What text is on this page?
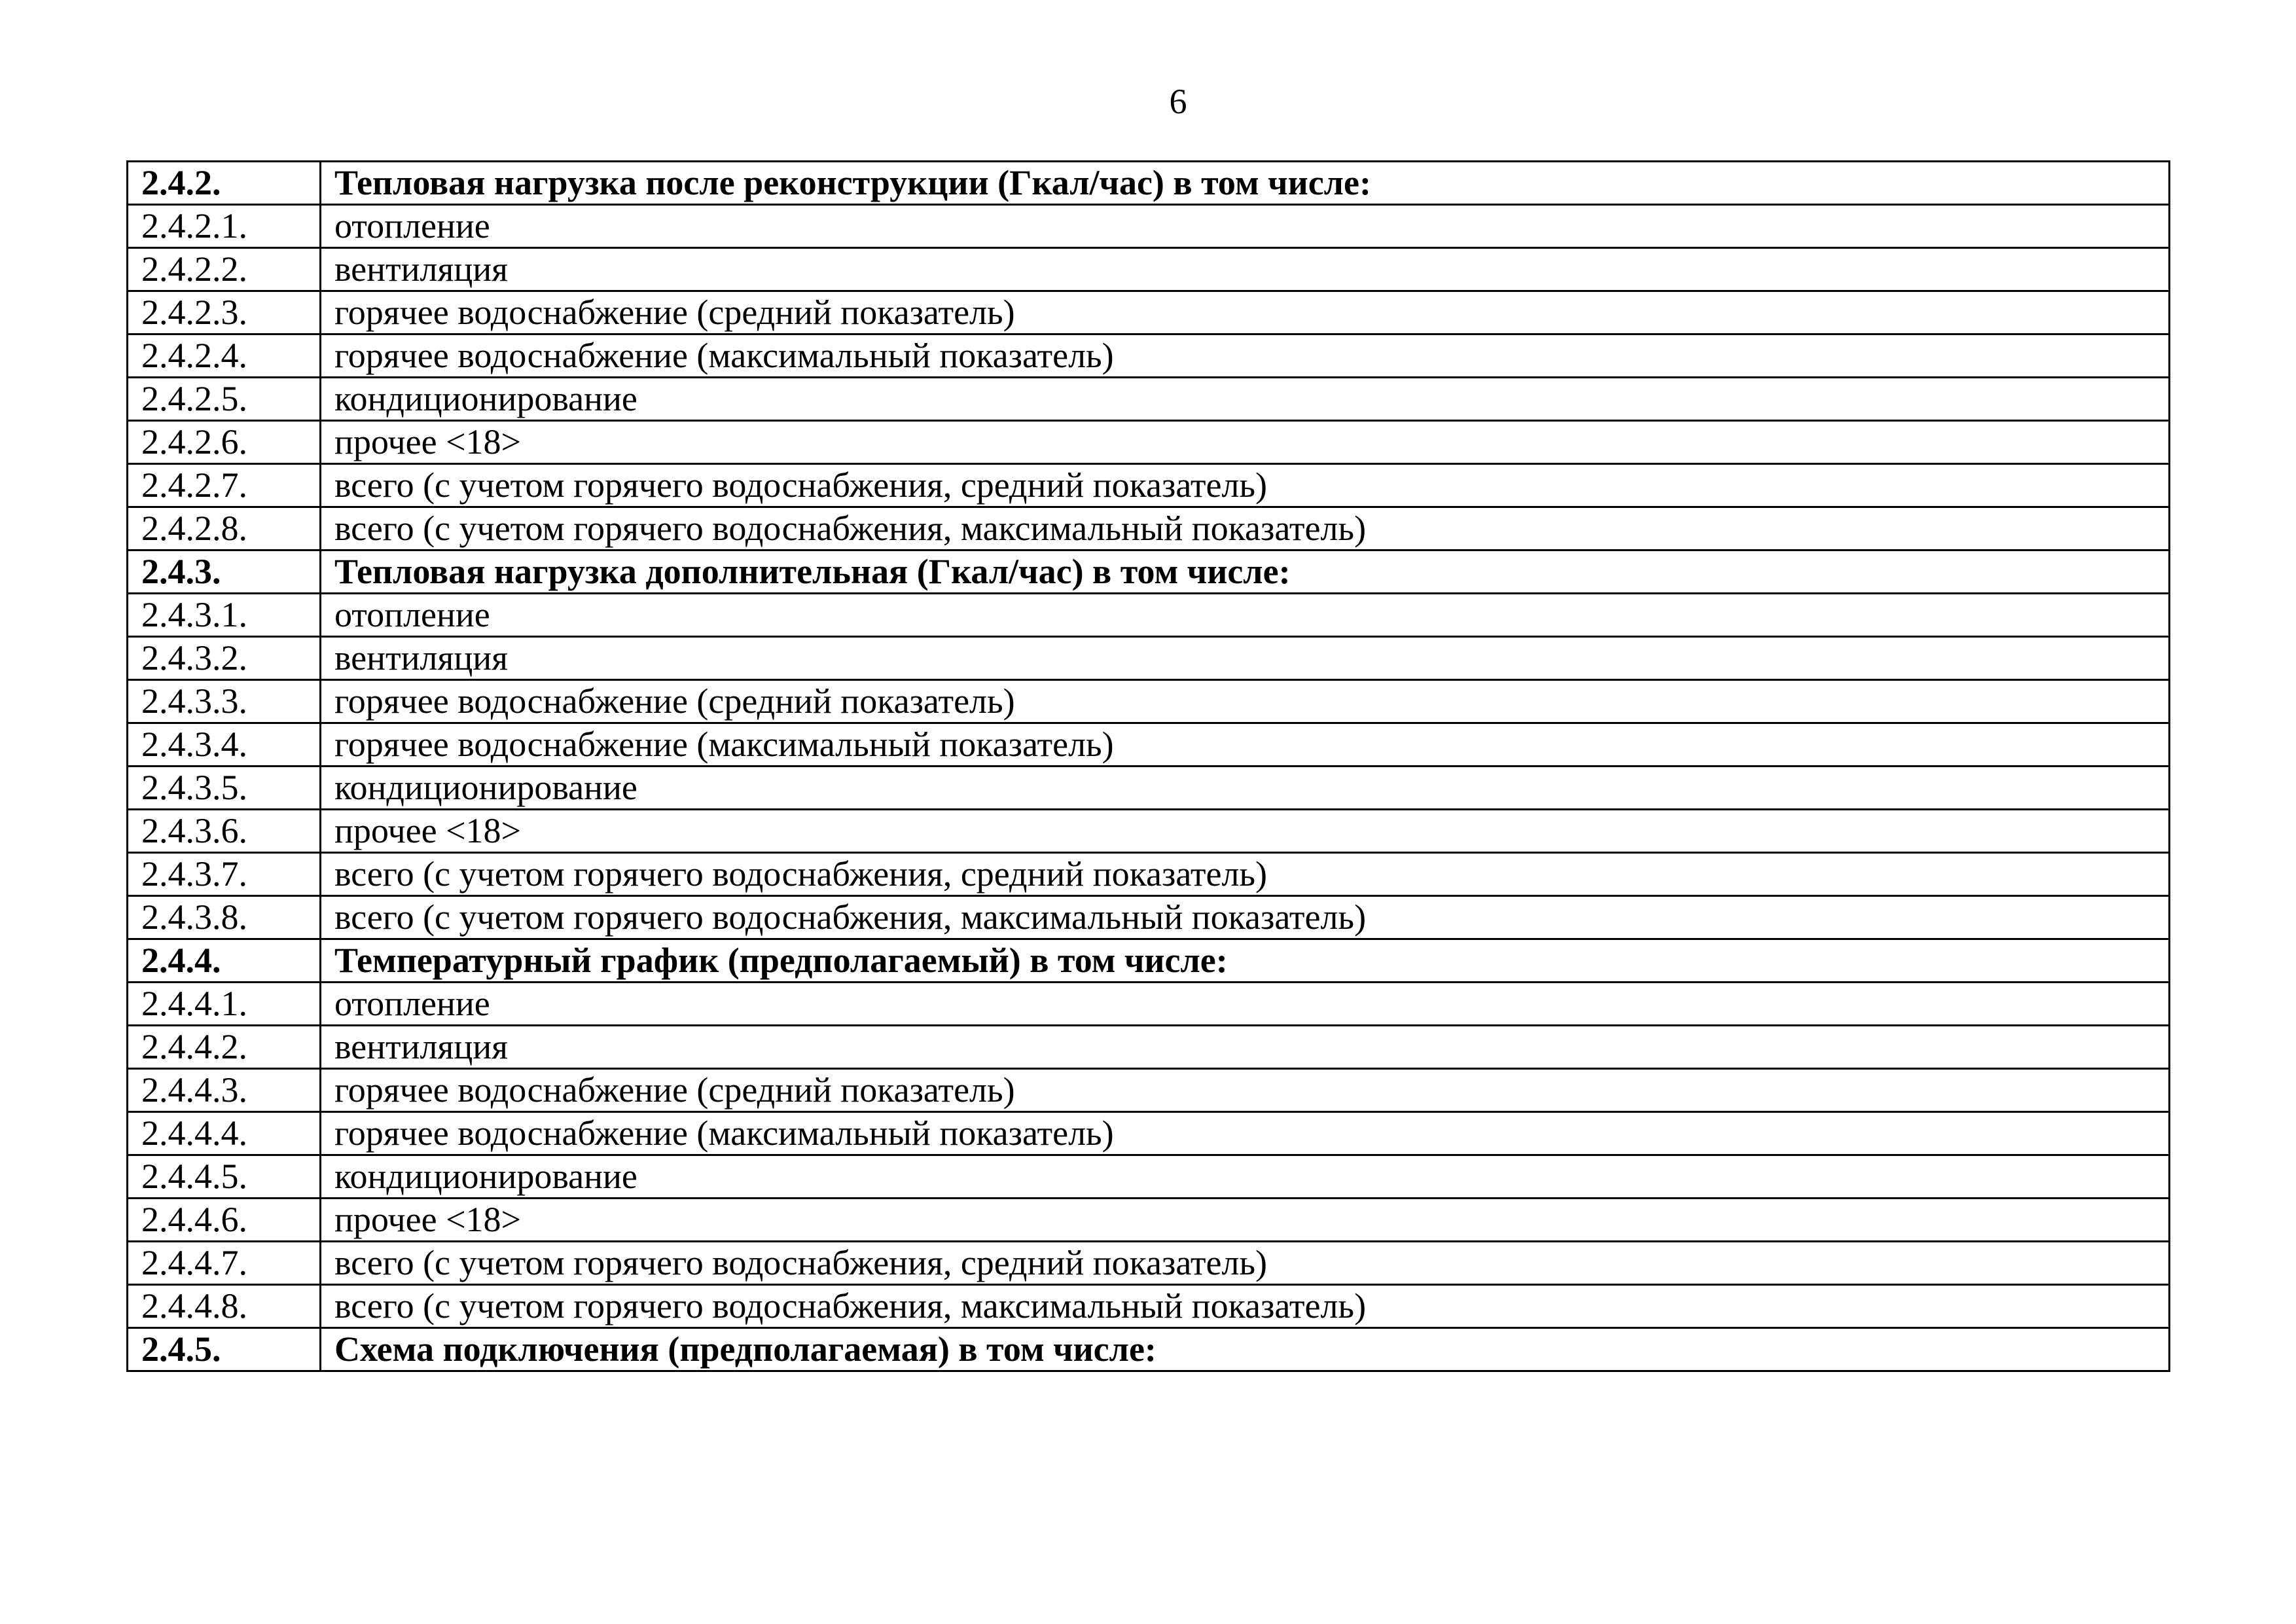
6
2.4.2.	Тепловая нагрузка после реконструкции (Гкал/час) в том числе:
2.4.2.1.	отопление
2.4.2.2.	вентиляция
2.4.2.3.	горячее водоснабжение (средний показатель)
2.4.2.4.	горячее водоснабжение (максимальный показатель)
2.4.2.5.	кондиционирование
2.4.2.6.	прочее <18>
2.4.2.7.	всего (с учетом горячего водоснабжения, средний показатель)
2.4.2.8.	всего (с учетом горячего водоснабжения, максимальный показатель)
2.4.3.	Тепловая нагрузка дополнительная (Гкал/час) в том числе:
2.4.3.1.	отопление
2.4.3.2.	вентиляция
2.4.3.3.	горячее водоснабжение (средний показатель)
2.4.3.4.	горячее водоснабжение (максимальный показатель)
2.4.3.5.	кондиционирование
2.4.3.6.	прочее <18>
2.4.3.7.	всего (с учетом горячего водоснабжения, средний показатель)
2.4.3.8.	всего (с учетом горячего водоснабжения, максимальный показатель)
2.4.4.	Температурный график (предполагаемый) в том числе:
2.4.4.1.	отопление
2.4.4.2.	вентиляция
2.4.4.3.	горячее водоснабжение (средний показатель)
2.4.4.4.	горячее водоснабжение (максимальный показатель)
2.4.4.5.	кондиционирование
2.4.4.6.	прочее <18>
2.4.4.7.	всего (с учетом горячего водоснабжения, средний показатель)
2.4.4.8.	всего (с учетом горячего водоснабжения, максимальный показатель)
2.4.5.	Схема подключения (предполагаемая) в том числе:
